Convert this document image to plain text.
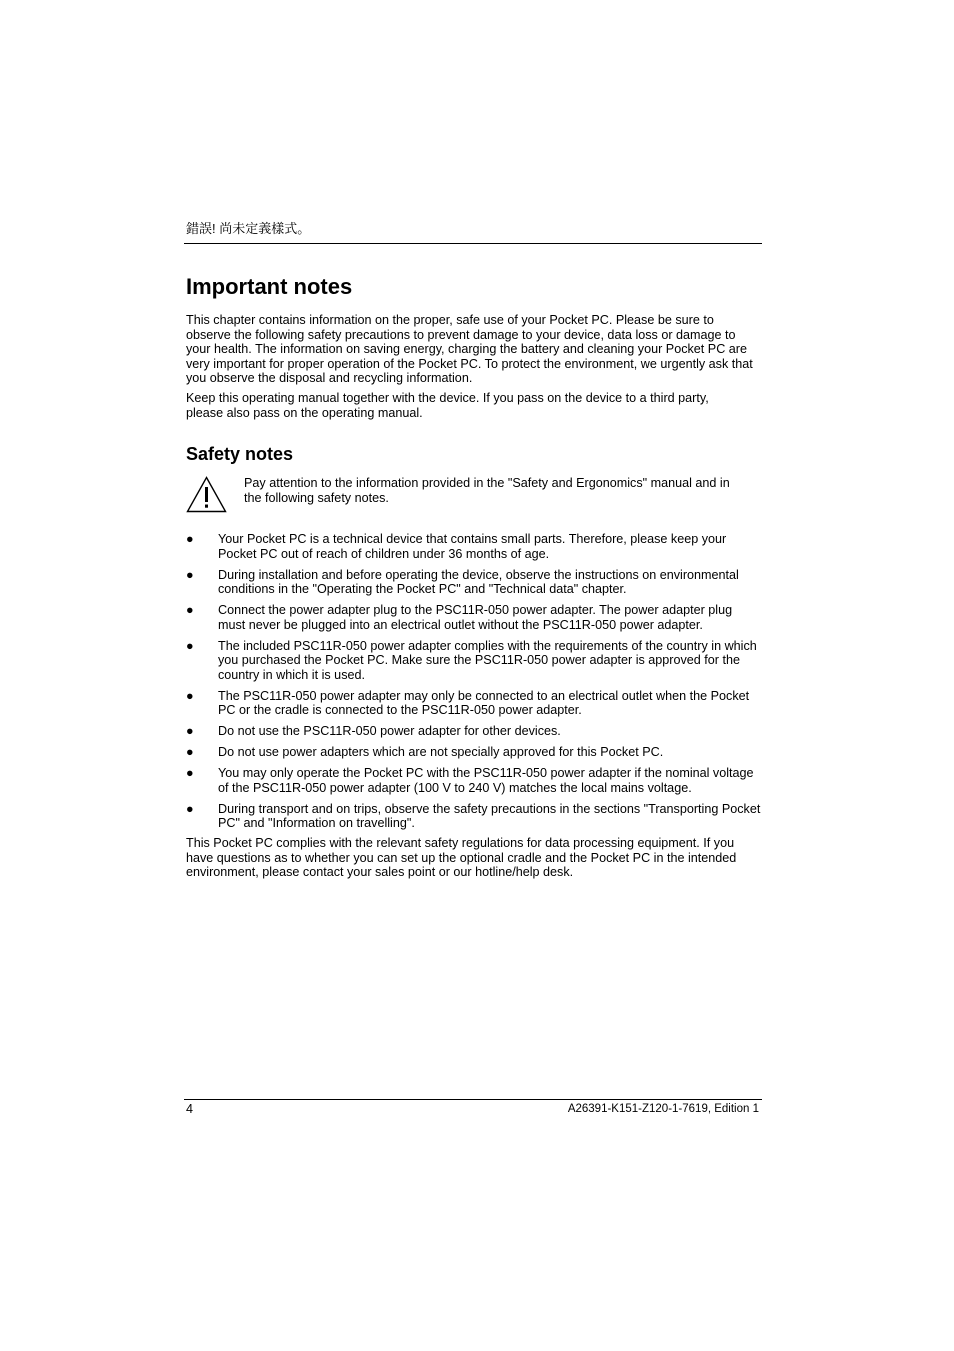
錯誤! 尚未定義樣式。
Important notes

This chapter contains information on the proper, safe use of your Pocket PC. Please be sure to observe the following safety precautions to prevent damage to your device, data loss or damage to your health. The information on saving energy, charging the battery and cleaning your Pocket PC are very important for proper operation of the Pocket PC. To protect the environment, we urgently ask that you observe the disposal and recycling information.

Keep this operating manual together with the device. If you pass on the device to a third party, please also pass on the operating manual.

Safety notes

Pay attention to the information provided in the "Safety and Ergonomics" manual and in the following safety notes.

● Your Pocket PC is a technical device that contains small parts. Therefore, please keep your Pocket PC out of reach of children under 36 months of age.
● During installation and before operating the device, observe the instructions on environmental conditions in the "Operating the Pocket PC" and "Technical data" chapter.
● Connect the power adapter plug to the PSC11R-050 power adapter. The power adapter plug must never be plugged into an electrical outlet without the PSC11R-050 power adapter.
● The included PSC11R-050 power adapter complies with the requirements of the country in which you purchased the Pocket PC. Make sure the PSC11R-050 power adapter is approved for the country in which it is used.
● The PSC11R-050 power adapter may only be connected to an electrical outlet when the Pocket PC or the cradle is connected to the PSC11R-050 power adapter.
● Do not use the PSC11R-050 power adapter for other devices.
● Do not use power adapters which are not specially approved for this Pocket PC.
● You may only operate the Pocket PC with the PSC11R-050 power adapter if the nominal voltage of the PSC11R-050 power adapter (100 V to 240 V) matches the local mains voltage.
● During transport and on trips, observe the safety precautions in the sections "Transporting Pocket PC" and "Information on travelling".

This Pocket PC complies with the relevant safety regulations for data processing equipment. If you have questions as to whether you can set up the optional cradle and the Pocket PC in the intended environment, please contact your sales point or our hotline/help desk.

4	A26391-K151-Z120-1-7619, Edition 1
